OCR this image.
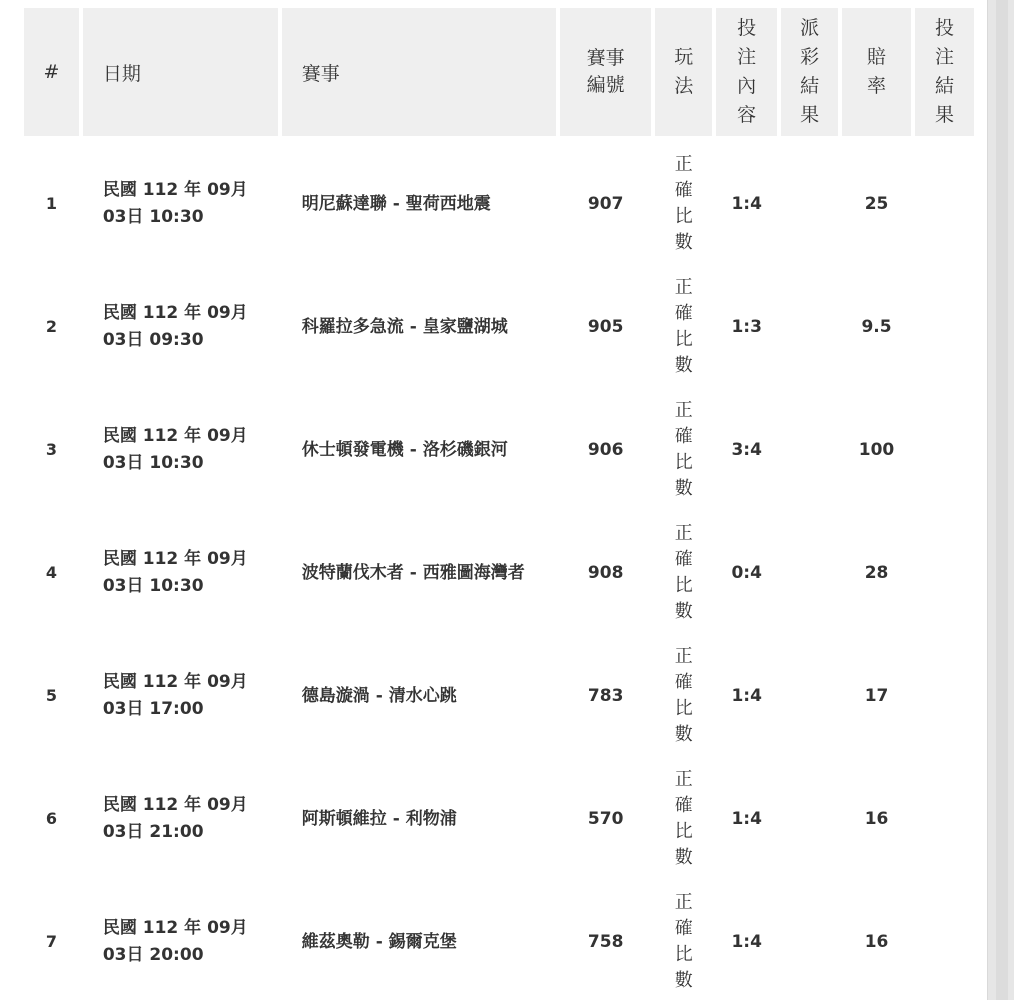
#	日期	賽事	賽事編號	玩法	投注內容	派彩結果	賠率	投注結果
1	民國 112 年 09月
03日 10:30	明尼蘇達聯 - 聖荷西地震	907	正確比數	1:4		25	
2	民國 112 年 09月
03日 09:30	科羅拉多急流 - 皇家鹽湖城	905	正確比數	1:3		9.5	
3	民國 112 年 09月
03日 10:30	休士頓發電機 - 洛杉磯銀河	906	正確比數	3:4		100	
4	民國 112 年 09月
03日 10:30	波特蘭伐木者 - 西雅圖海灣者	908	正確比數	0:4		28	
5	民國 112 年 09月
03日 17:00	德島漩渦 - 清水心跳	783	正確比數	1:4		17	
6	民國 112 年 09月
03日 21:00	阿斯頓維拉 - 利物浦	570	正確比數	1:4		16	
7	民國 112 年 09月
03日 20:00	維茲奧勒 - 錫爾克堡	758	正確比數	1:4		16	
